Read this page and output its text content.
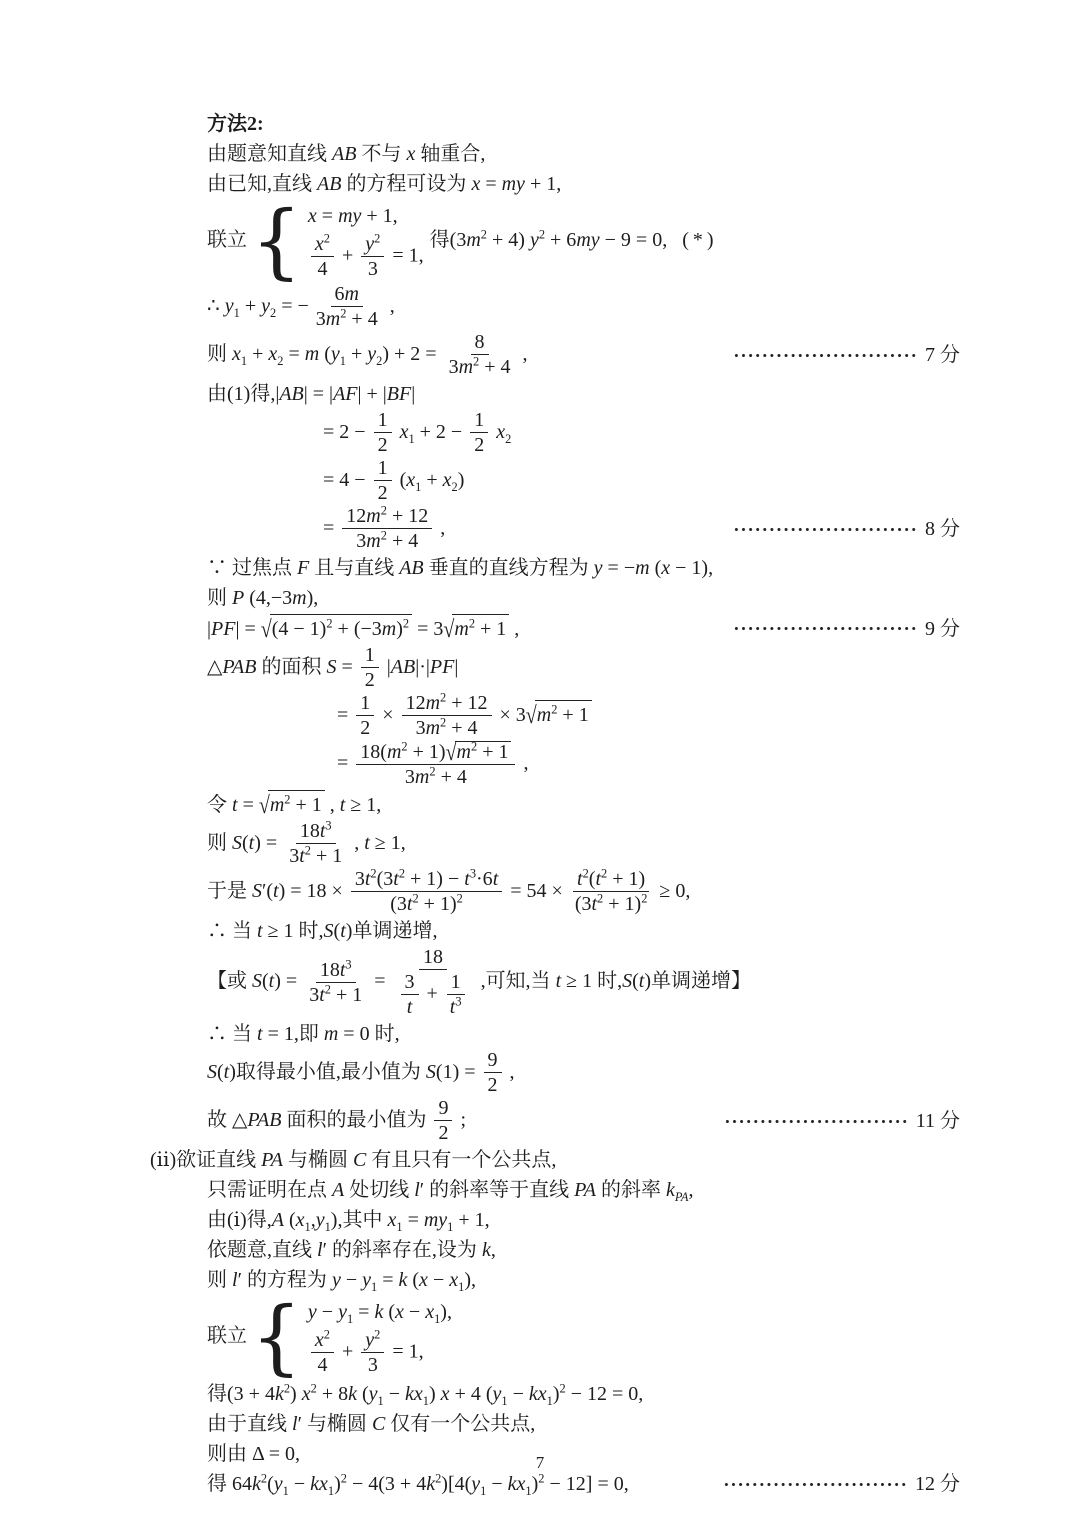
方法2:
由题意知直线 AB 不与 x 轴重合,
由已知,直线 AB 的方程可设为 x = my + 1,
联立 { x = my + 1,
$\frac{x^2}{4} + \frac{y^2}{3} = 1$,
得$(3m^2 + 4) y^2 + 6my - 9 = 0$,   ( * )
∴ $y_1 + y_2$ = − $\frac{6m}{3m^2 + 4}$ ,
则 $x_1 + x_2 = m$ $(y_1 + y_2) + 2 = \frac{8}{3m^2 + 4}$ ,	7 分
由(1)得,|AB| = |AF| + |BF|
= $2 - \frac{1}{2} x_1 + 2 - \frac{1}{2} x_2$
= $4 - \frac{1}{2} (x_1 + x_2)$
= $\frac{12m^2 + 12}{3m^2 + 4}$ ,	8 分
∵ 过焦点 F 且与直线 AB 垂直的直线方程为 y = −m (x − 1),
则 P (4,−3m),
$|PF| = √(4 - 1)^2 + (-3m)^2 = 3√m^2 + 1$ ,	9 分
△PAB 的面积 $S = \frac{1}{2} |AB|\cdot|PF|$
= $\frac{1}{2} \times \frac{12m^2 + 12}{3m^2 + 4} \times 3√m^2 + 1$
= $\frac{18(m^2 + 1)√m^2 + 1}{3m^2 + 4}$ ,
令 $t = √m^2 + 1$ , t ≥ 1,
则 $S(t) = \frac{18t^3}{3t^2 + 1}$ , t ≥ 1,
于是 $S'(t) = 18 \times \frac{3t^2(3t^2 + 1) - t^3\cdot 6t}{(3t^2 + 1)^2} = 54 \times \frac{t^2(t^2 + 1)}{(3t^2 + 1)^2} \ge 0$,
∴ 当 t ≥ 1 时,S(t)单调递增,
【或 $S(t) = \frac{18t^3}{3t^2 + 1} = \frac{18}{\frac{3}{t} + \frac{1}{t^3}}$ ,可知,当 t ≥ 1 时,S(t)单调递增】
∴ 当 t = 1,即 m = 0 时,
S(t)取得最小值,最小值为 $S(1) = \frac{9}{2}$ ,
故 △PAB 面积的最小值为 $\frac{9}{2}$ ;	11 分
(ⅱ)欲证直线 PA 与椭圆 C 有且只有一个公共点,
只需证明在点 A 处切线 l′ 的斜率等于直线 PA 的斜率 $k_{PA}$,
由(ⅰ)得,A $(x_1,y_1)$,其中 $x_1 = my_1 + 1$,
依题意,直线 l′ 的斜率存在,设为 k,
则 l′ 的方程为 $y - y_1 = k$ $(x - x_1)$,
联立 { $y - y_1 = k$ $(x - x_1)$,
$\frac{x^2}{4} + \frac{y^2}{3} = 1$,
得$(3 + 4k^2)$ $x^2 + 8k$ $(y_1 - kx_1) x + 4$ $(y_1 - kx_1)^2 - 12 = 0$,
由于直线 l′ 与椭圆 C 仅有一个公共点,
则由 Δ = 0,
得 $64k^2(y_1 - kx_1)^2 - 4(3 + 4k^2)[4(y_1 - kx_1)^2 - 12] = 0$,	12 分
7
